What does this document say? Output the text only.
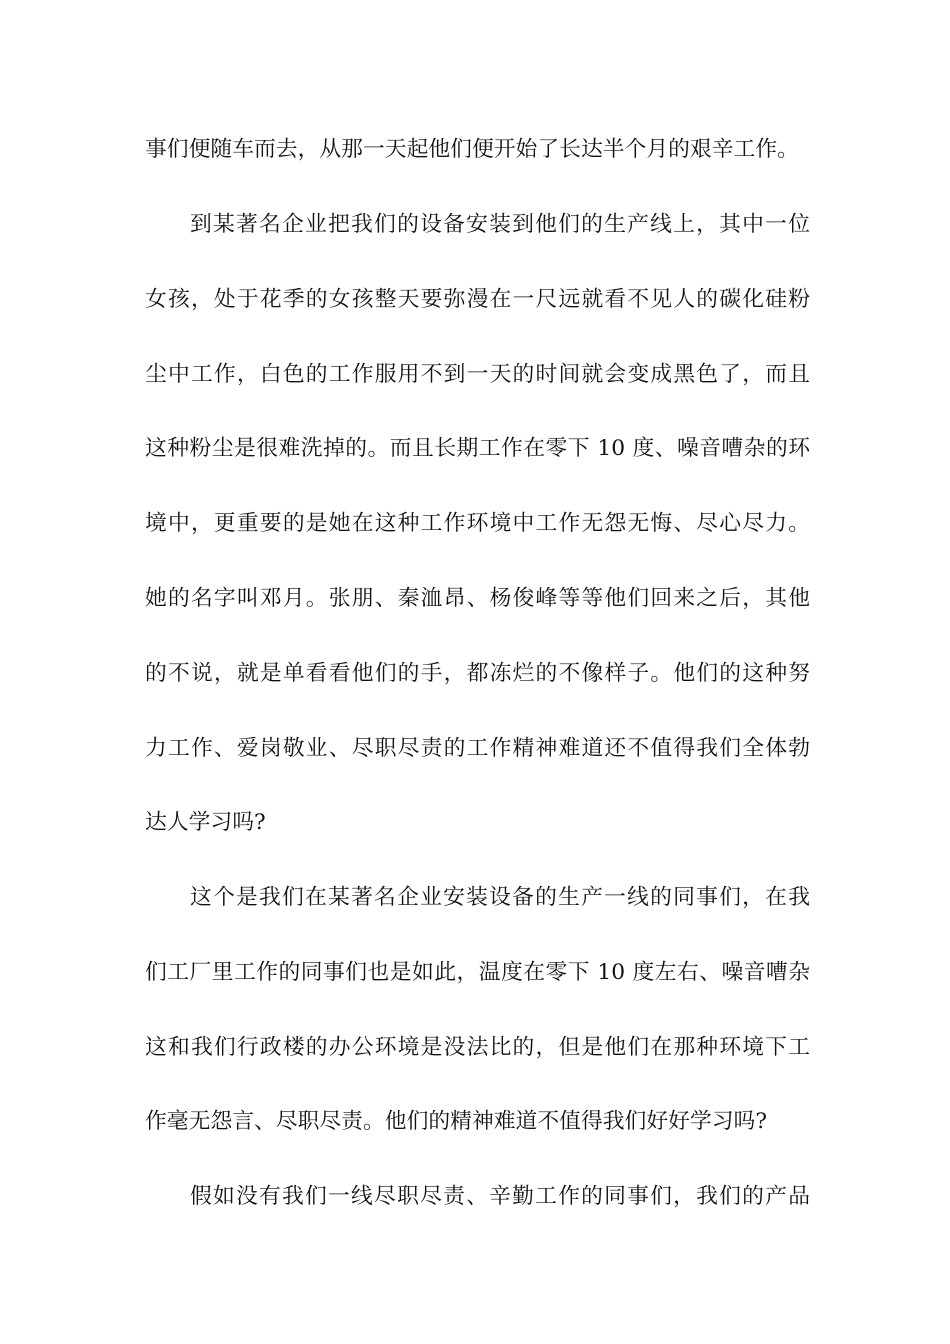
事们便随车而去，从那一天起他们便开始了长达半个月的艰辛工作。
到某著名企业把我们的设备安装到他们的生产线上，其中一位
女孩，处于花季的女孩整天要弥漫在一尺远就看不见人的碳化硅粉
尘中工作，白色的工作服用不到一天的时间就会变成黑色了，而且
这种粉尘是很难洗掉的。而且长期工作在零下 10 度、噪音嘈杂的环
境中，更重要的是她在这种工作环境中工作无怨无悔、尽心尽力。
她的名字叫邓月。张朋、秦洫昂、杨俊峰等等他们回来之后，其他
的不说，就是单看看他们的手，都冻烂的不像样子。他们的这种努
力工作、爱岗敬业、尽职尽责的工作精神难道还不值得我们全体勃
达人学习吗?
这个是我们在某著名企业安装设备的生产一线的同事们，在我
们工厂里工作的同事们也是如此，温度在零下 10 度左右、噪音嘈杂
这和我们行政楼的办公环境是没法比的，但是他们在那种环境下工
作毫无怨言、尽职尽责。他们的精神难道不值得我们好好学习吗?
假如没有我们一线尽职尽责、辛勤工作的同事们，我们的产品
